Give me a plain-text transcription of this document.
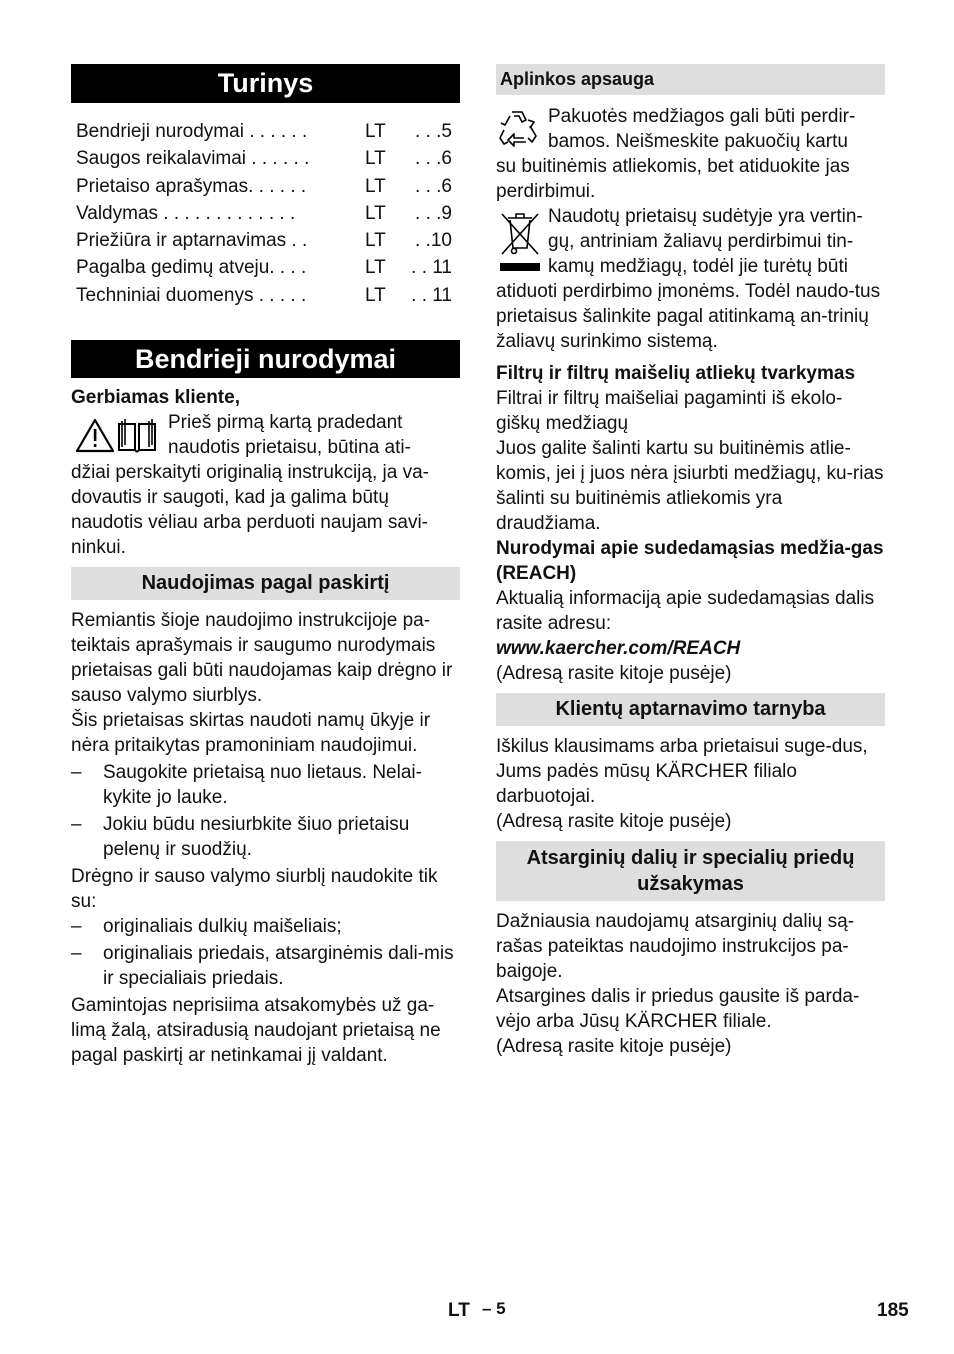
Turinys
Bendrieji nurodymai . . . . . .	LT . . .5
Saugos reikalavimai . . . . . .	LT . . .6
Prietaiso aprašymas. . . . . .	LT . . .6
Valdymas . . . . . . . . . . . . .	LT . . .9
Priežiūra ir aptarnavimas . .	LT . .10
Pagalba gedimų atveju. . . .	LT . . 11
Techniniai duomenys . . . . .	LT . . 11
Bendrieji nurodymai
Gerbiamas kliente,
Prieš pirmą kartą pradedant
naudotis prietaisu, būtina ati-
džiai perskaityti originalią instrukciją, ja va-dovautis ir saugoti, kad ja galima būtų naudotis vėliau arba perduoti naujam savi-ninkui.
Naudojimas pagal paskirtį

Remiantis šioje naudojimo instrukcijoje pa-teiktais aprašymais ir saugumo nurodymais prietaisas gali būti naudojamas kaip drėgno ir sauso valymo siurblys.

Šis prietaisas skirtas naudoti namų ūkyje ir nėra pritaikytas pramoniniam naudojimui.

– Saugokite prietaisą nuo lietaus. Nelai-kykite jo lauke.
– Jokiu būdu nesiurbkite šiuo prietaisu pelenų ir suodžių.

Drėgno ir sauso valymo siurblį naudokite tik su:

– originaliais dulkių maišeliais;
– originaliais priedais, atsarginėmis dali-mis ir specialiais priedais.

Gamintojas neprisiima atsakomybės už ga-limą žalą, atsiradusią naudojant prietaisą ne pagal paskirtį ar netinkamai jį valdant.

Aplinkos apsauga
Pakuotės medžiagos gali būti perdir-
bamos. Neišmeskite pakuočių kartu
su buitinėmis atliekomis, bet atiduokite jas perdirbimui.
Naudotų prietaisų sudėtyje yra vertin-
gų, antriniam žaliavų perdirbimui tin-
kamų medžiagų, todėl jie turėtų būti
atiduoti perdirbimo įmonėms. Todėl naudo-tus prietaisus šalinkite pagal atitinkamą an-trinių žaliavų surinkimo sistemą.

Filtrų ir filtrų maišelių atliekų tvarkymas

Filtrai ir filtrų maišeliai pagaminti iš ekolo-giškų medžiagų

Juos galite šalinti kartu su buitinėmis atlie-komis, jei į juos nėra įsiurbti medžiagų, ku-rias šalinti su buitinėmis atliekomis yra draudžiama.

Nurodymai apie sudedamąsias medžia-gas (REACH)

Aktualią informaciją apie sudedamąsias dalis rasite adresu:

www.kaercher.com/REACH

(Adresą rasite kitoje pusėje)

Klientų aptarnavimo tarnyba

Iškilus klausimams arba prietaisui suge-dus, Jums padės mūsų KÄRCHER filialo darbuotojai.

(Adresą rasite kitoje pusėje)

Atsarginių dalių ir specialių priedų užsakymas

Dažniausia naudojamų atsarginių dalių są-rašas pateiktas naudojimo instrukcijos pa-baigoje.

Atsargines dalis ir priedus gausite iš parda-vėjo arba Jūsų KÄRCHER filiale.

(Adresą rasite kitoje pusėje)

LT – 5	185
